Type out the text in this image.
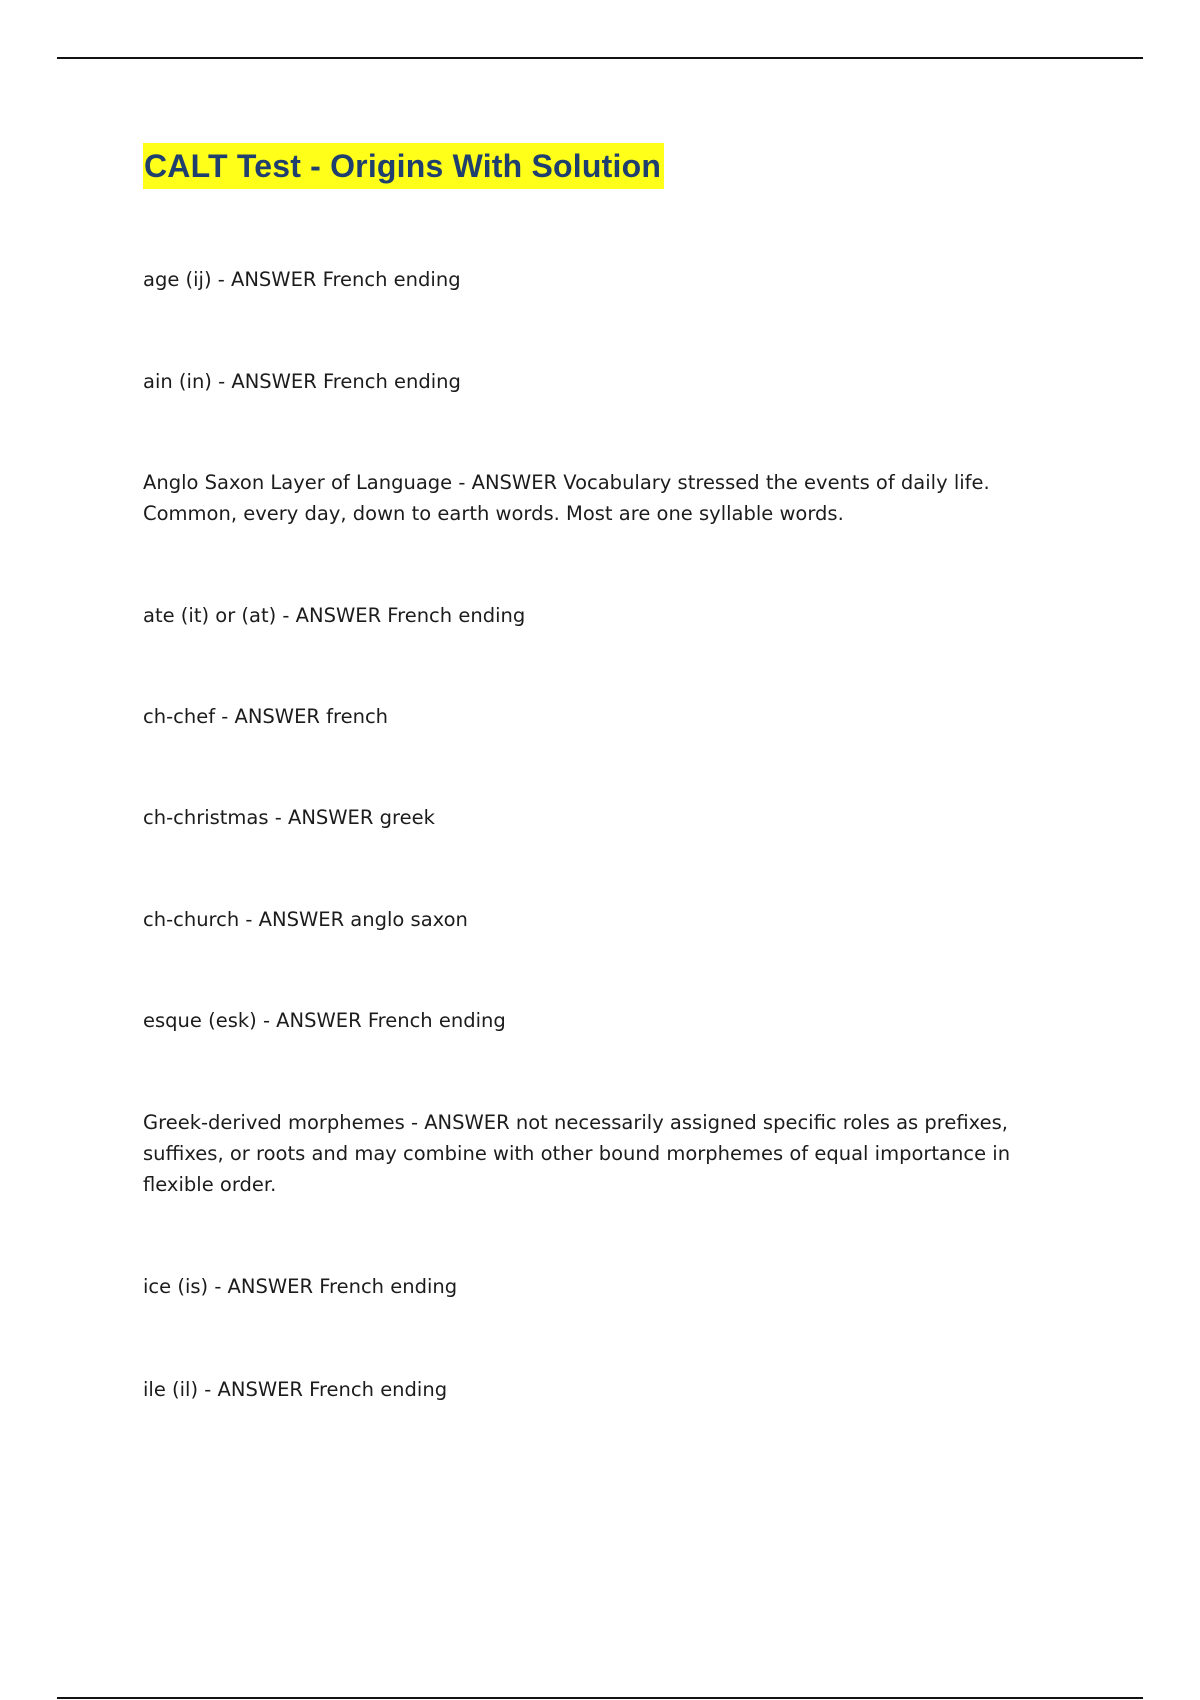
CALT Test - Origins With Solution

age (ij) - ANSWER French ending

ain (in) - ANSWER French ending

Anglo Saxon Layer of Language - ANSWER Vocabulary stressed the events of daily life. Common, every day, down to earth words. Most are one syllable words.

ate (it) or (at) - ANSWER French ending

ch-chef - ANSWER french

ch-christmas - ANSWER greek

ch-church - ANSWER anglo saxon

esque (esk) - ANSWER French ending

Greek-derived morphemes - ANSWER not necessarily assigned specific roles as prefixes, suffixes, or roots and may combine with other bound morphemes of equal importance in flexible order.

ice (is) - ANSWER French ending

ile (il) - ANSWER French ending
